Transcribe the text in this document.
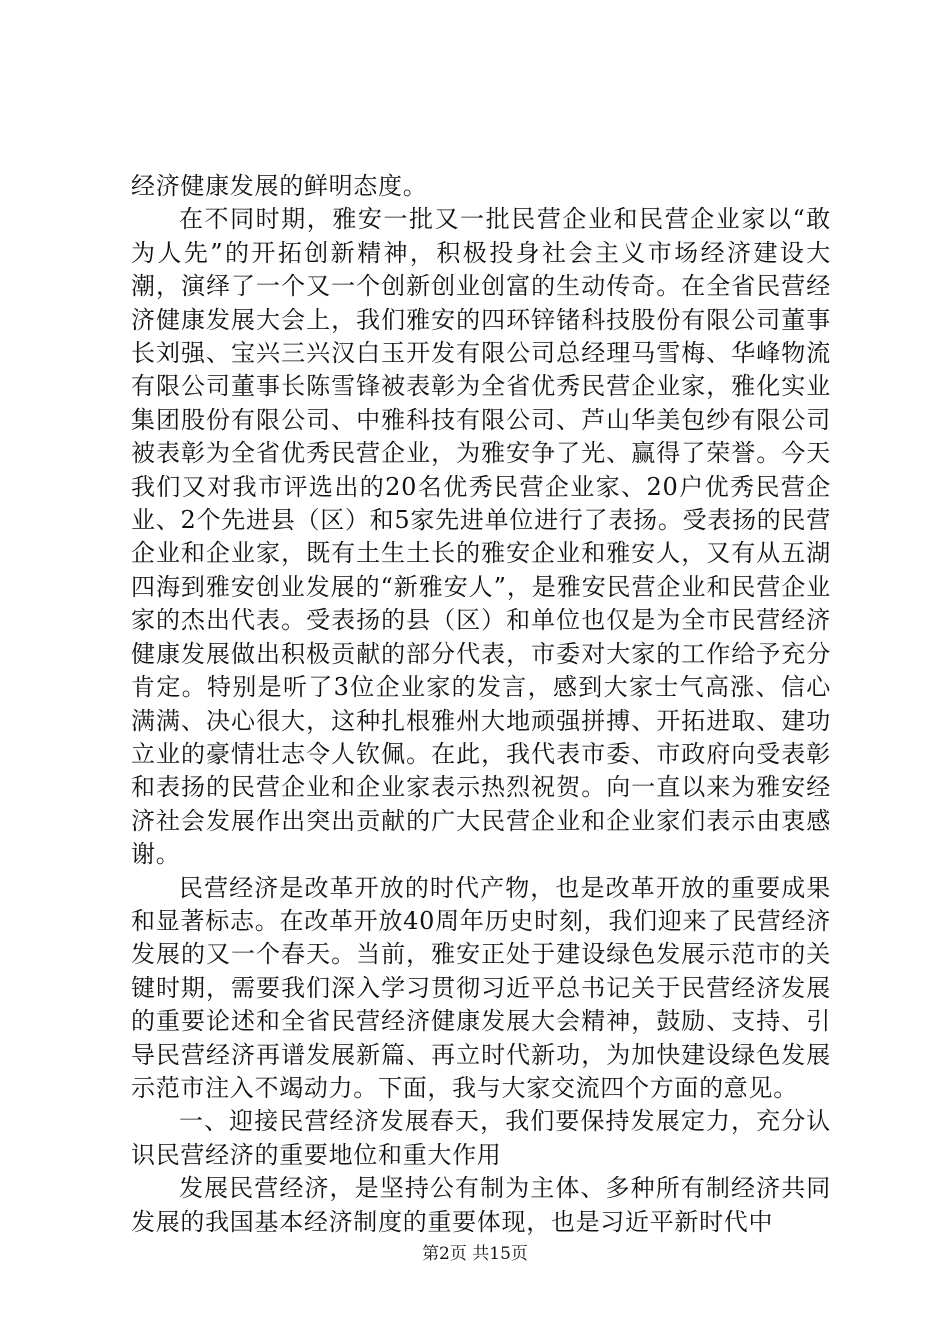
经济健康发展的鲜明态度。

在不同时期，雅安一批又一批民营企业和民营企业家以“敢为人先”的开拓创新精神，积极投身社会主义市场经济建设大潮，演绎了一个又一个创新创业创富的生动传奇。在全省民营经济健康发展大会上，我们雅安的四环锌锗科技股份有限公司董事长刘强、宝兴三兴汉白玉开发有限公司总经理马雪梅、华峰物流有限公司董事长陈雪锋被表彰为全省优秀民营企业家，雅化实业集团股份有限公司、中雅科技有限公司、芦山华美包纱有限公司被表彰为全省优秀民营企业，为雅安争了光、赢得了荣誉。今天我们又对我市评选出的20名优秀民营企业家、20户优秀民营企业、2个先进县（区）和5家先进单位进行了表扬。受表扬的民营企业和企业家，既有土生土长的雅安企业和雅安人，又有从五湖四海到雅安创业发展的“新雅安人”，是雅安民营企业和民营企业家的杰出代表。受表扬的县（区）和单位也仅是为全市民营经济健康发展做出积极贡献的部分代表，市委对大家的工作给予充分肯定。特别是听了3位企业家的发言，感到大家士气高涨、信心满满、决心很大，这种扎根雅州大地顽强拼搏、开拓进取、建功立业的豪情壮志令人钦佩。在此，我代表市委、市政府向受表彰和表扬的民营企业和企业家表示热烈祝贺。向一直以来为雅安经济社会发展作出突出贡献的广大民营企业和企业家们表示由衷感谢。

民营经济是改革开放的时代产物，也是改革开放的重要成果和显著标志。在改革开放40周年历史时刻，我们迎来了民营经济发展的又一个春天。当前，雅安正处于建设绿色发展示范市的关键时期，需要我们深入学习贯彻习近平总书记关于民营经济发展的重要论述和全省民营经济健康发展大会精神，鼓励、支持、引导民营经济再谱发展新篇、再立时代新功，为加快建设绿色发展示范市注入不竭动力。下面，我与大家交流四个方面的意见。

一、迎接民营经济发展春天，我们要保持发展定力，充分认识民营经济的重要地位和重大作用

发展民营经济，是坚持公有制为主体、多种所有制经济共同发展的我国基本经济制度的重要体现，也是习近平新时代中

第2页 共15页
